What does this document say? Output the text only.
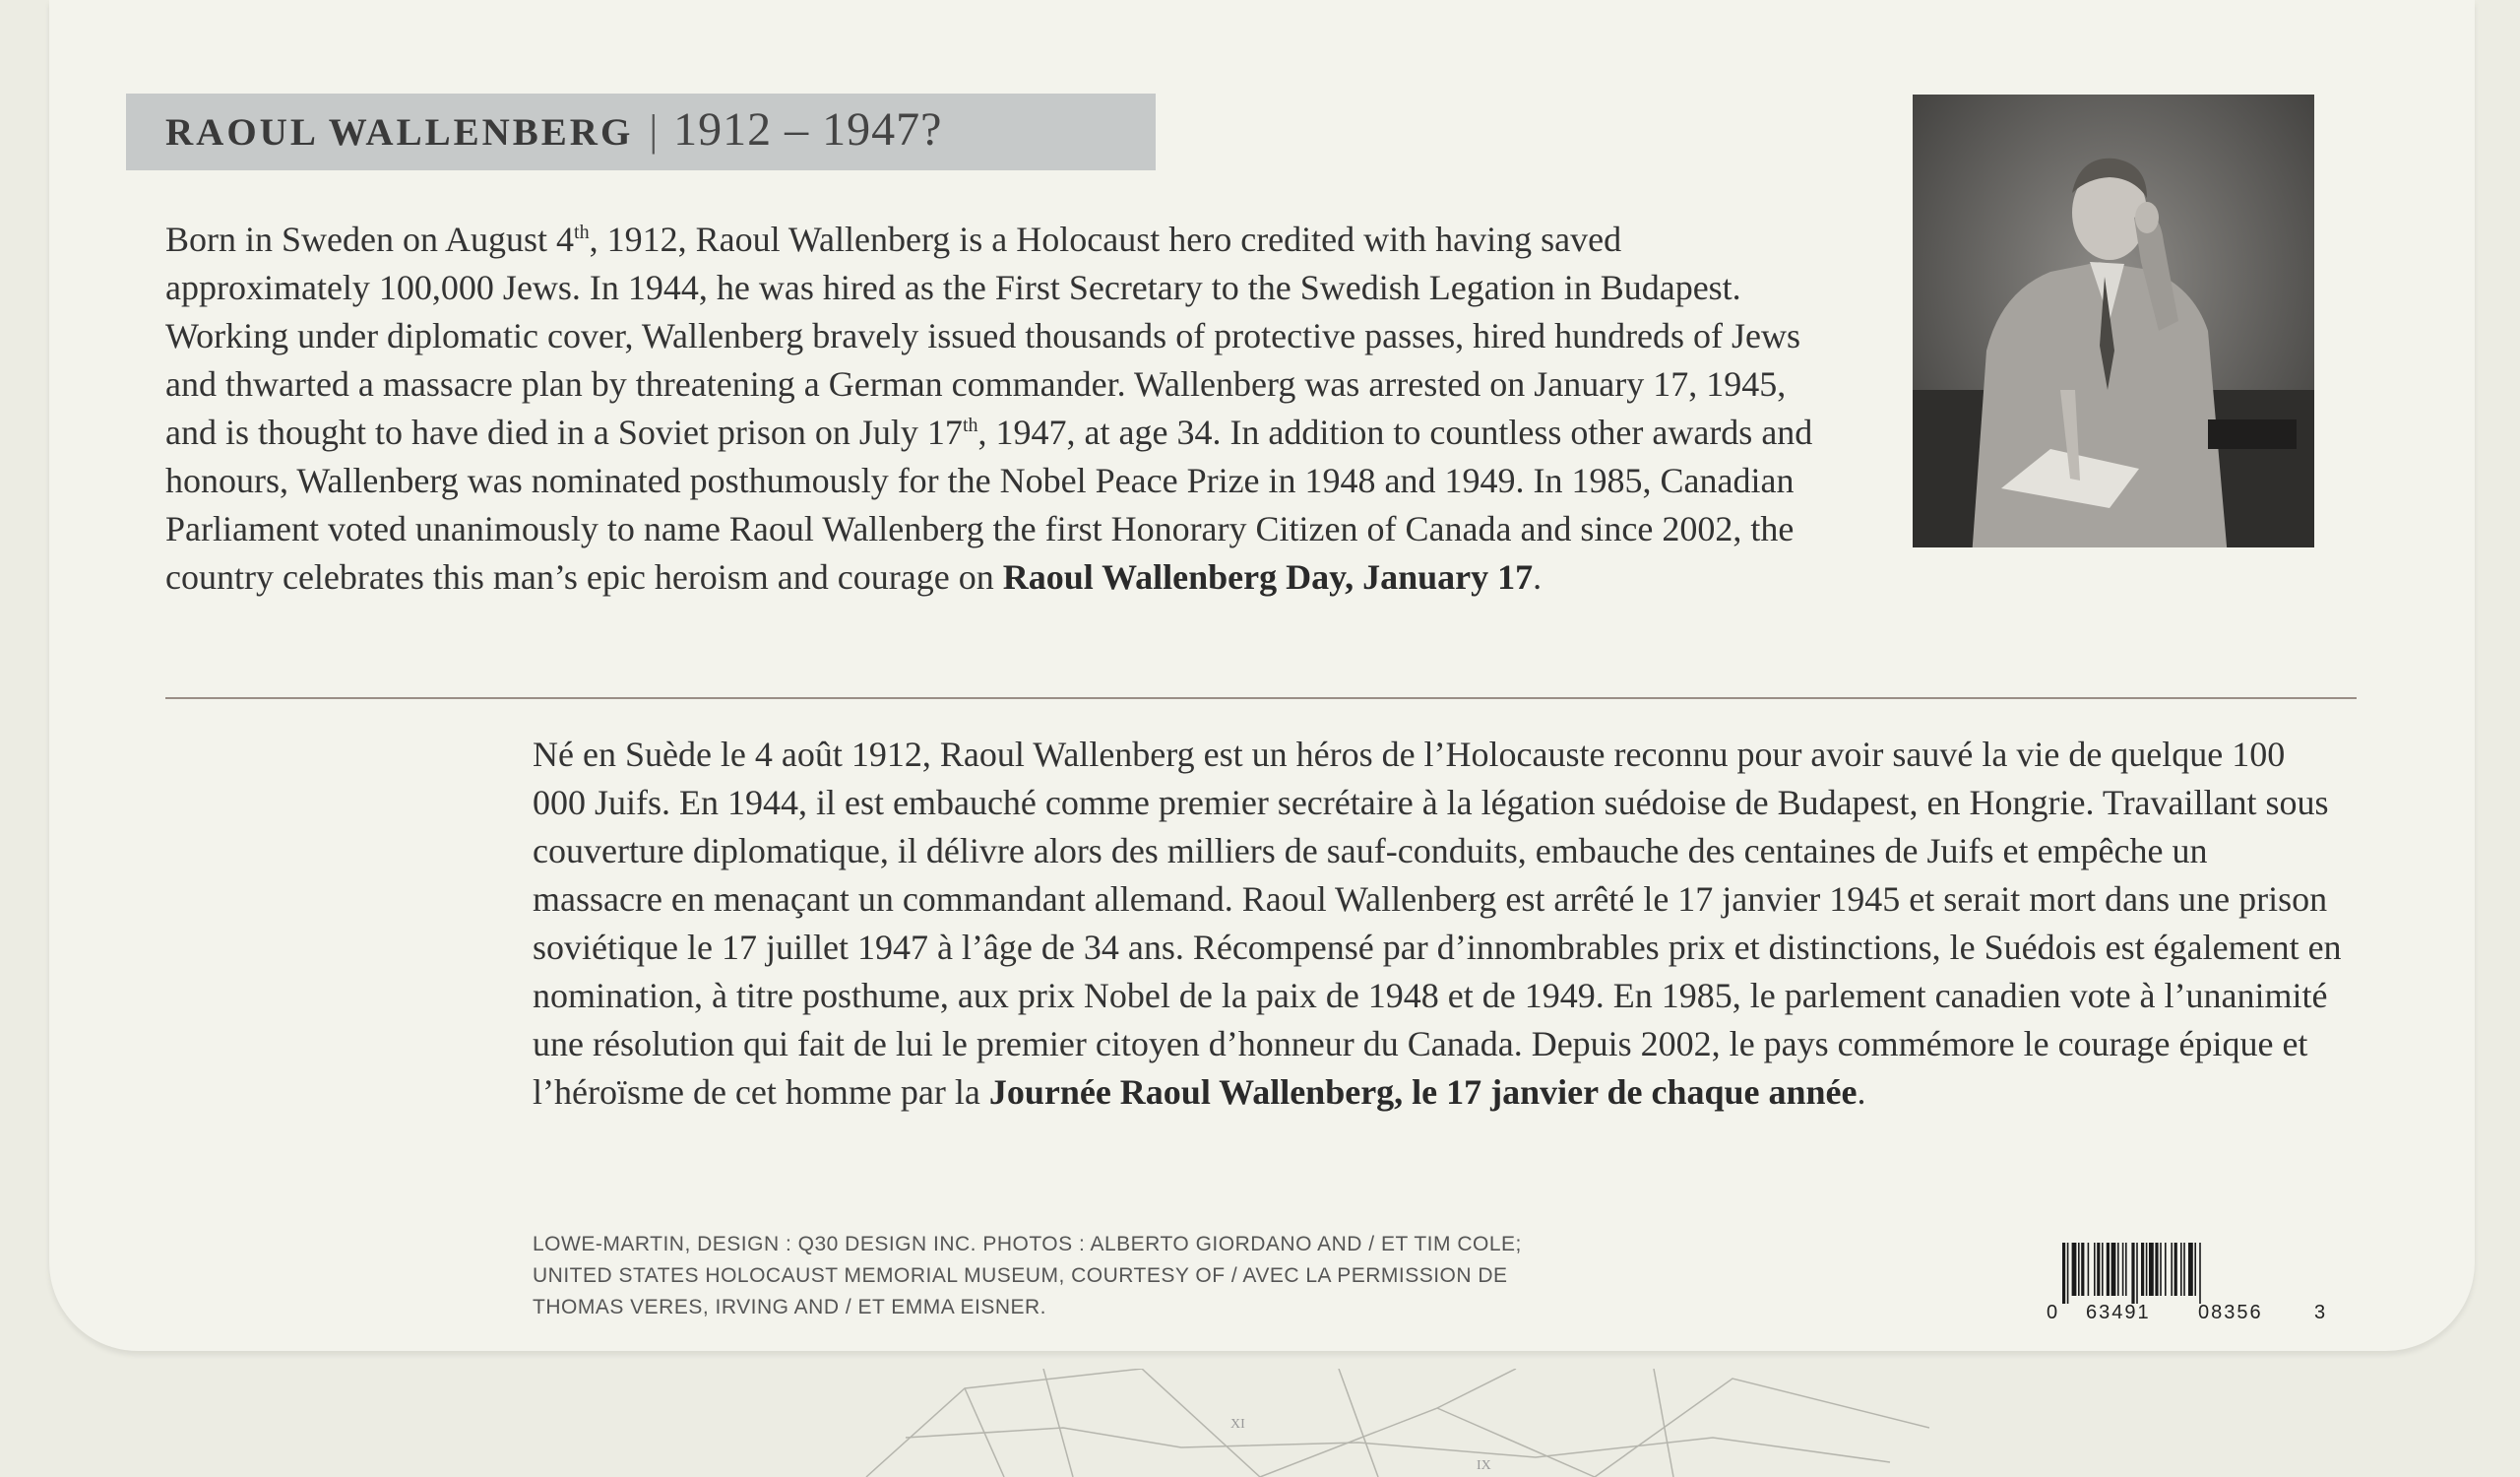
XI
IX
RAOUL WALLENBERG | 1912 – 1947?
Born in Sweden on August 4th, 1912, Raoul Wallenberg is a Holocaust hero credited with having saved approximately 100,000 Jews. In 1944, he was hired as the First Secretary to the Swedish Legation in Budapest. Working under diplomatic cover, Wallenberg bravely issued thousands of protective passes, hired hundreds of Jews and thwarted a massacre plan by threatening a German commander. Wallenberg was arrested on January 17, 1945, and is thought to have died in a Soviet prison on July 17th, 1947, at age 34. In addition to countless other awards and honours, Wallenberg was nominated posthumously for the Nobel Peace Prize in 1948 and 1949. In 1985, Canadian Parliament voted unanimously to name Raoul Wallenberg the first Honorary Citizen of Canada and since 2002, the country celebrates this man’s epic heroism and courage on Raoul Wallenberg Day, January 17.
Né en Suède le 4 août 1912, Raoul Wallenberg est un héros de l’Holocauste reconnu pour avoir sauvé la vie de quelque 100 000 Juifs. En 1944, il est embauché comme premier secrétaire à la légation suédoise de Budapest, en Hongrie. Travaillant sous couverture diplomatique, il délivre alors des milliers de sauf-conduits, embauche des centaines de Juifs et empêche un massacre en menaçant un commandant allemand. Raoul Wallenberg est arrêté le 17 janvier 1945 et serait mort dans une prison soviétique le 17 juillet 1947 à l’âge de 34 ans. Récompensé par d’innombrables prix et distinctions, le Suédois est également en nomination, à titre posthume, aux prix Nobel de la paix de 1948 et de 1949. En 1985, le parlement canadien vote à l’unanimité une résolution qui fait de lui le premier citoyen d’honneur du Canada. Depuis 2002, le pays commémore le courage épique et l’héroïsme de cet homme par la Journée Raoul Wallenberg, le 17 janvier de chaque année.
LOWE-MARTIN, DESIGN : Q30 DESIGN INC. PHOTOS : ALBERTO GIORDANO AND / ET TIM COLE;
UNITED STATES HOLOCAUST MEMORIAL MUSEUM, COURTESY OF / AVEC LA PERMISSION DE
THOMAS VERES, IRVING AND / ET EMMA EISNER.	0 63491 08356	3
